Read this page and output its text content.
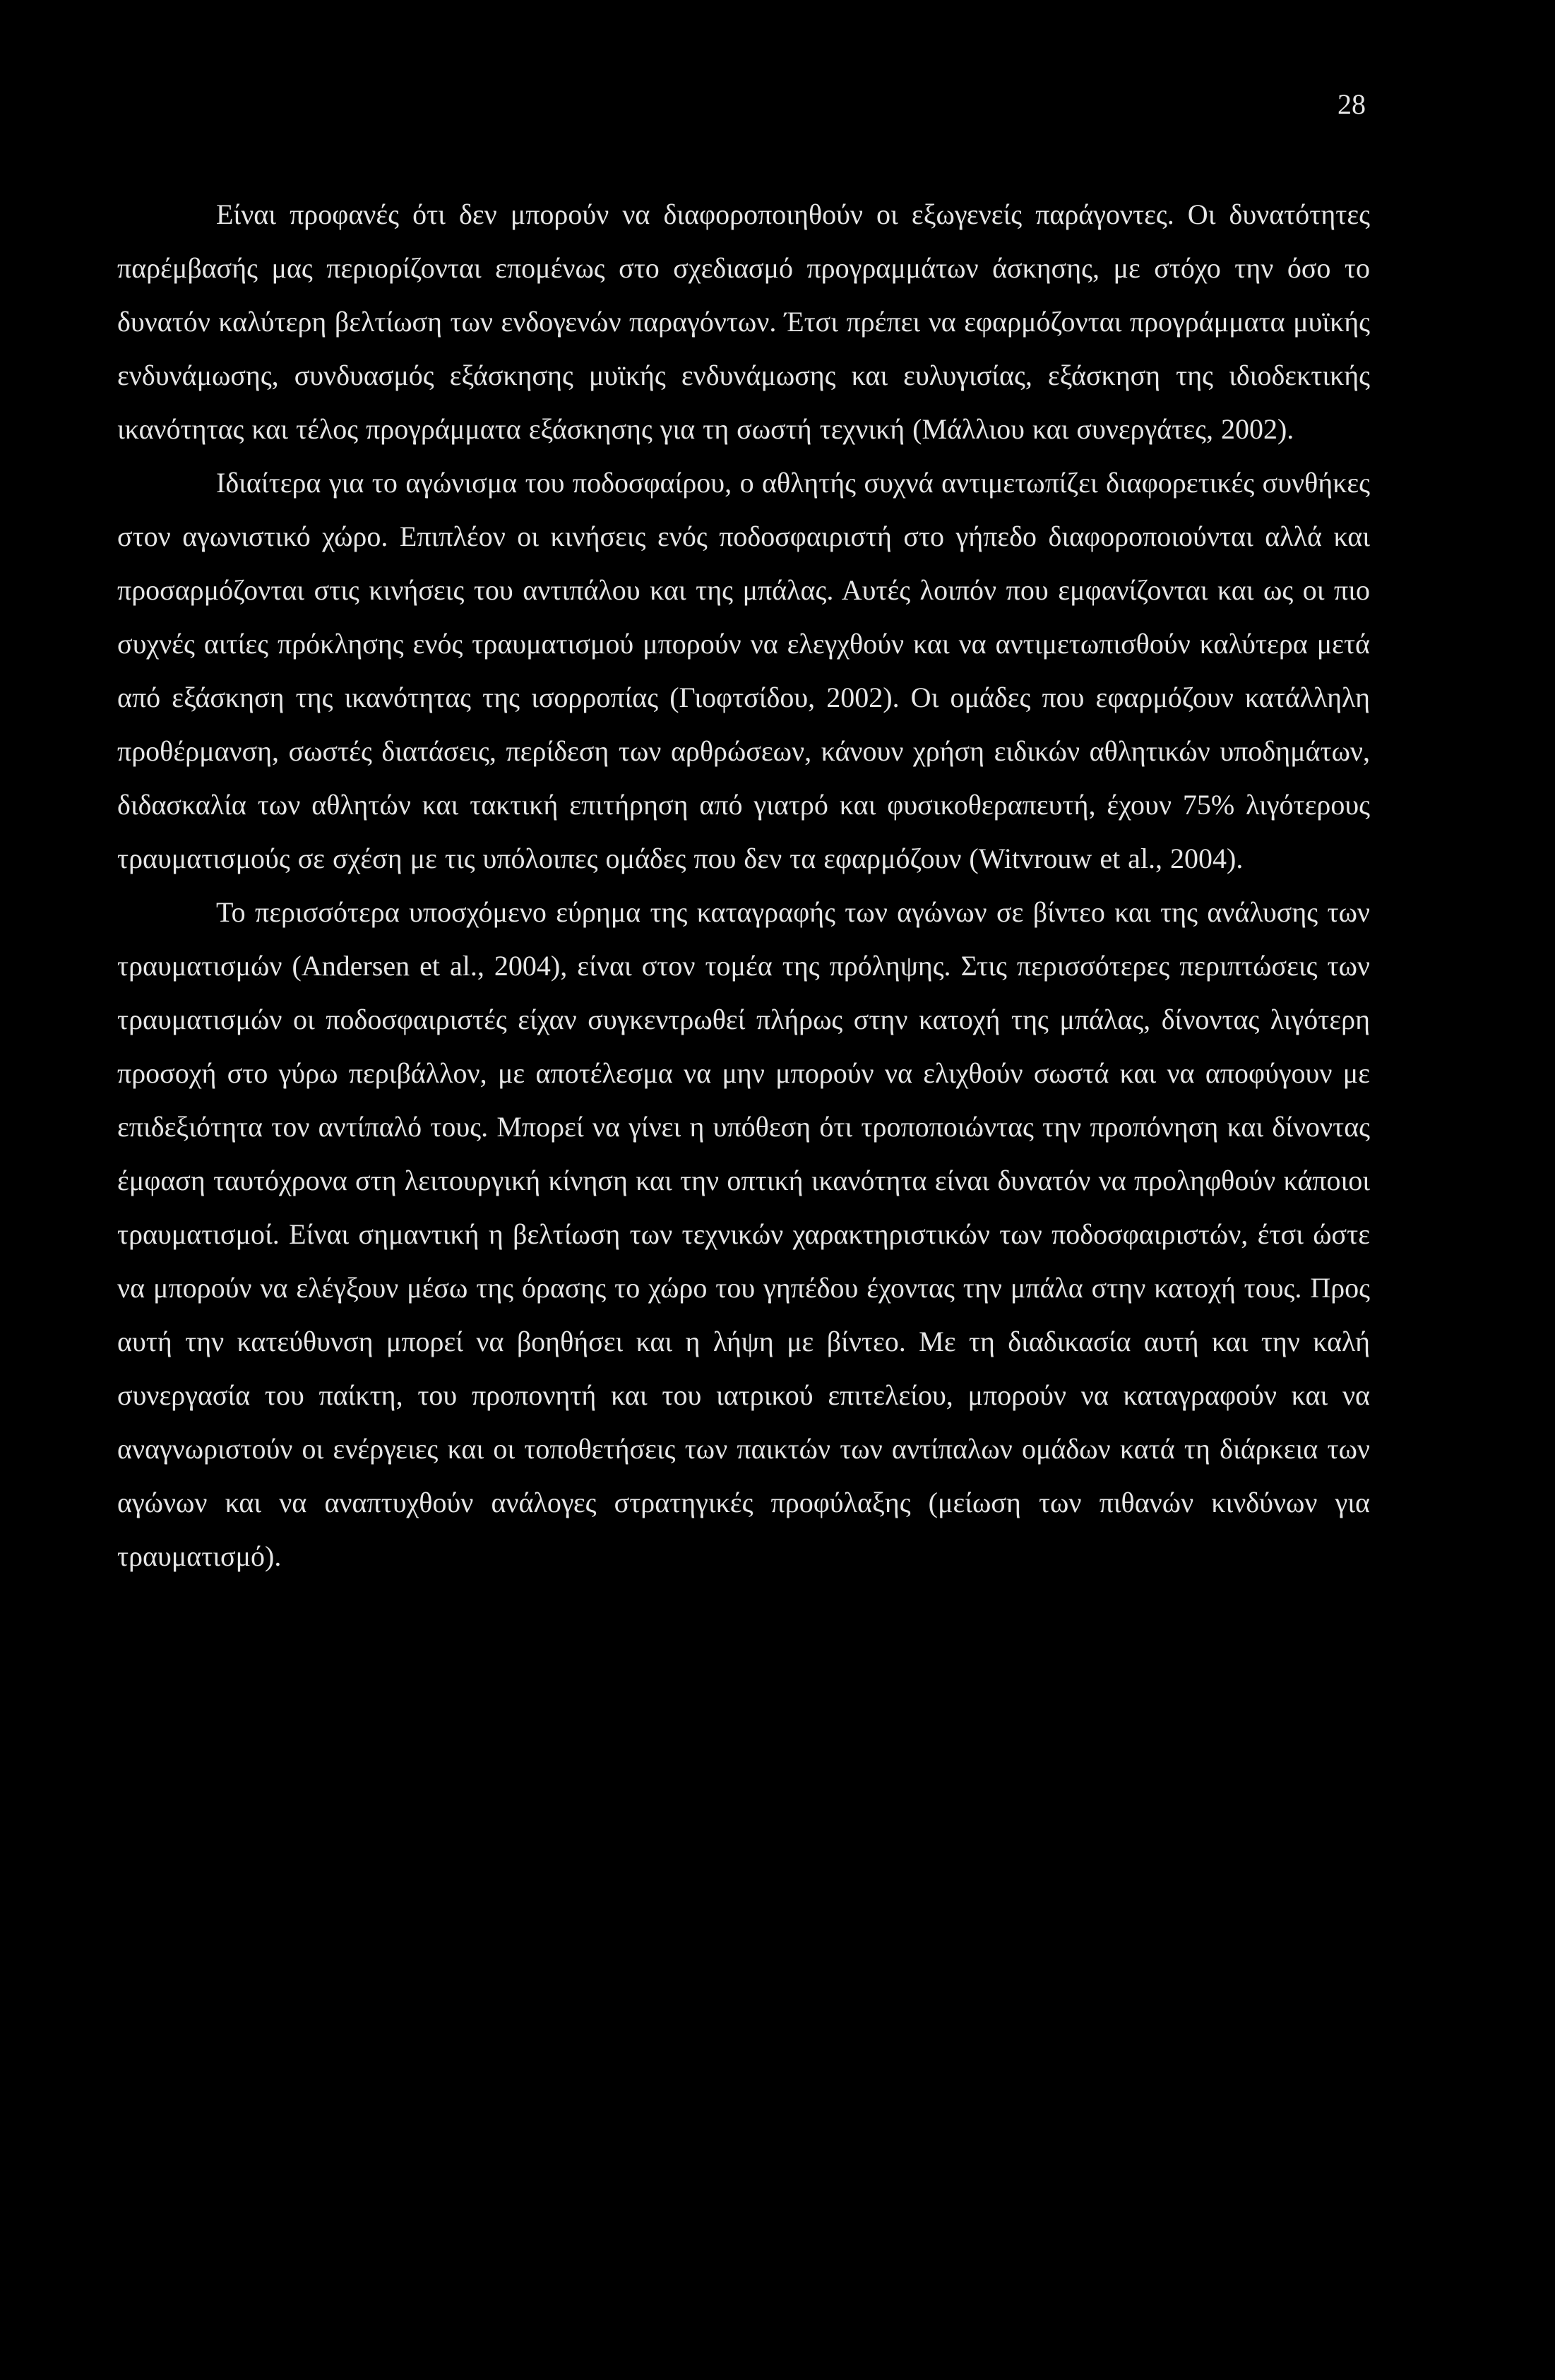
28

Είναι προφανές ότι δεν μπορούν να διαφοροποιηθούν οι εξωγενείς παράγοντες. Οι δυνατότητες παρέμβασής μας περιορίζονται επομένως στο σχεδιασμό προγραμμάτων άσκησης, με στόχο την όσο το δυνατόν καλύτερη βελτίωση των ενδογενών παραγόντων. Έτσι πρέπει να εφαρμόζονται προγράμματα μυϊκής ενδυνάμωσης, συνδυασμός εξάσκησης μυϊκής ενδυνάμωσης και ευλυγισίας, εξάσκηση της ιδιοδεκτικής ικανότητας και τέλος προγράμματα εξάσκησης για τη σωστή τεχνική (Μάλλιου και συνεργάτες, 2002).

Ιδιαίτερα για το αγώνισμα του ποδοσφαίρου, ο αθλητής συχνά αντιμετωπίζει διαφορετικές συνθήκες στον αγωνιστικό χώρο. Επιπλέον οι κινήσεις ενός ποδοσφαιριστή στο γήπεδο διαφοροποιούνται αλλά και προσαρμόζονται στις κινήσεις του αντιπάλου και της μπάλας. Αυτές λοιπόν που εμφανίζονται και ως οι πιο συχνές αιτίες πρόκλησης ενός τραυματισμού μπορούν να ελεγχθούν και να αντιμετωπισθούν καλύτερα μετά από εξάσκηση της ικανότητας της ισορροπίας (Γιοφτσίδου, 2002). Οι ομάδες που εφαρμόζουν κατάλληλη προθέρμανση, σωστές διατάσεις, περίδεση των αρθρώσεων, κάνουν χρήση ειδικών αθλητικών υποδημάτων, διδασκαλία των αθλητών και τακτική επιτήρηση από γιατρό και φυσικοθεραπευτή, έχουν 75% λιγότερους τραυματισμούς σε σχέση με τις υπόλοιπες ομάδες που δεν τα εφαρμόζουν (Witvrouw et al., 2004).

Το περισσότερα υποσχόμενο εύρημα της καταγραφής των αγώνων σε βίντεο και της ανάλυσης των τραυματισμών (Andersen et al., 2004), είναι στον τομέα της πρόληψης. Στις περισσότερες περιπτώσεις των τραυματισμών οι ποδοσφαιριστές είχαν συγκεντρωθεί πλήρως στην κατοχή της μπάλας, δίνοντας λιγότερη προσοχή στο γύρω περιβάλλον, με αποτέλεσμα να μην μπορούν να ελιχθούν σωστά και να αποφύγουν με επιδεξιότητα τον αντίπαλό τους. Μπορεί να γίνει η υπόθεση ότι τροποποιώντας την προπόνηση και δίνοντας έμφαση ταυτόχρονα στη λειτουργική κίνηση και την οπτική ικανότητα είναι δυνατόν να προληφθούν κάποιοι τραυματισμοί. Είναι σημαντική η βελτίωση των τεχνικών χαρακτηριστικών των ποδοσφαιριστών, έτσι ώστε να μπορούν να ελέγξουν μέσω της όρασης το χώρο του γηπέδου έχοντας την μπάλα στην κατοχή τους. Προς αυτή την κατεύθυνση μπορεί να βοηθήσει και η λήψη με βίντεο. Με τη διαδικασία αυτή και την καλή συνεργασία του παίκτη, του προπονητή και του ιατρικού επιτελείου, μπορούν να καταγραφούν και να αναγνωριστούν οι ενέργειες και οι τοποθετήσεις των παικτών των αντίπαλων ομάδων κατά τη διάρκεια των αγώνων και να αναπτυχθούν ανάλογες στρατηγικές προφύλαξης (μείωση των πιθανών κινδύνων για τραυματισμό).
